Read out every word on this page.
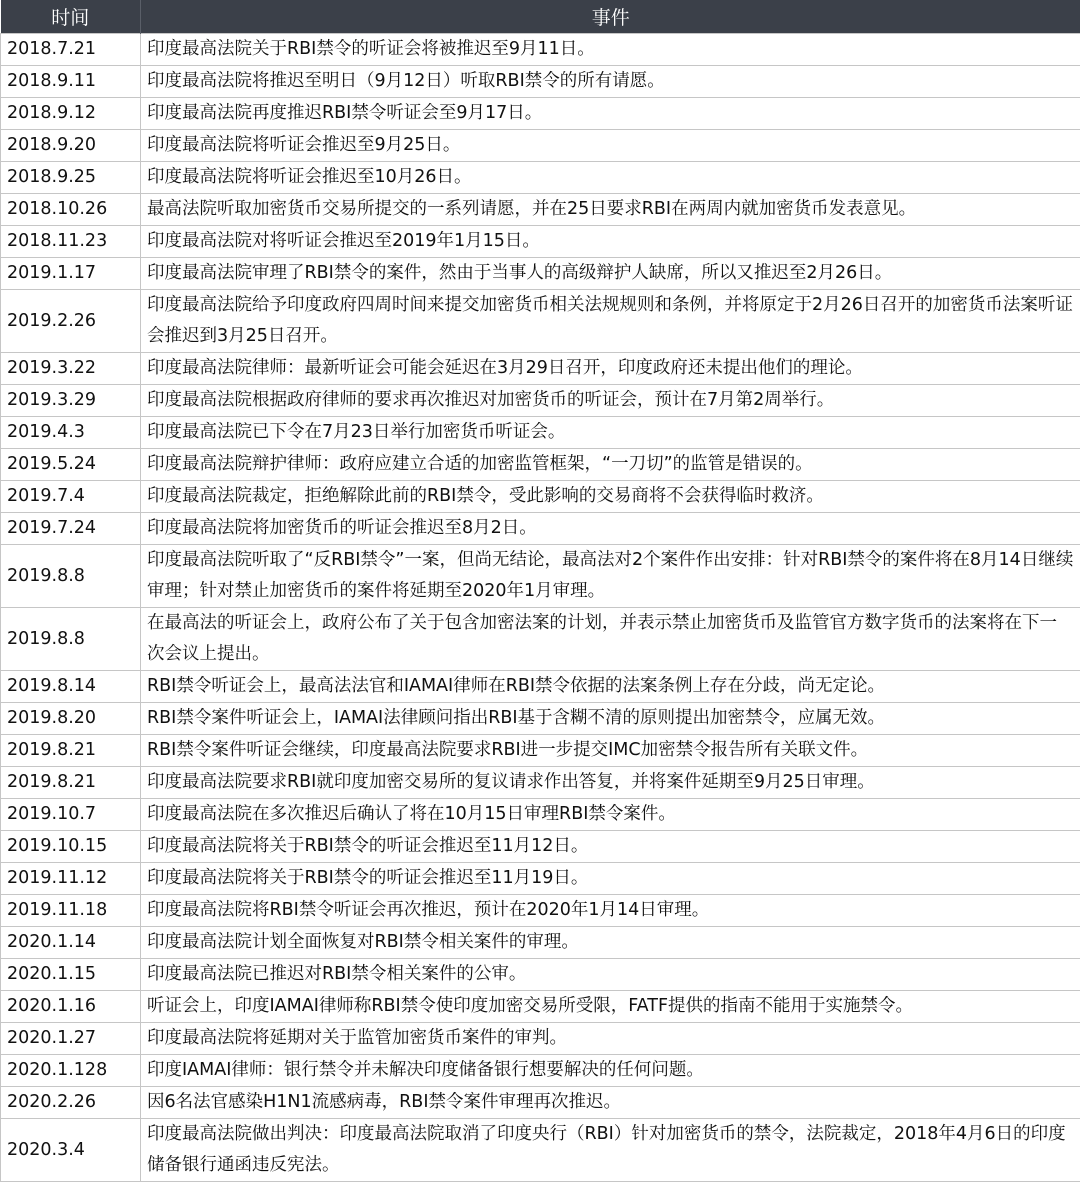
时间	事件
2018.7.21	印度最高法院关于RBI禁令的听证会将被推迟至9月11日。
2018.9.11	印度最高法院将推迟至明日（9月12日）听取RBI禁令的所有请愿。
2018.9.12	印度最高法院再度推迟RBI禁令听证会至9月17日。
2018.9.20	印度最高法院将听证会推迟至9月25日。
2018.9.25	印度最高法院将听证会推迟至10月26日。
2018.10.26	最高法院听取加密货币交易所提交的一系列请愿，并在25日要求RBI在两周内就加密货币发表意见。
2018.11.23	印度最高法院对将听证会推迟至2019年1月15日。
2019.1.17	印度最高法院审理了RBI禁令的案件，然由于当事人的高级辩护人缺席，所以又推迟至2月26日。
2019.2.26	印度最高法院给予印度政府四周时间来提交加密货币相关法规规则和条例，并将原定于2月26日召开的加密货币法案听证会推迟到3月25日召开。
2019.3.22	印度最高法院律师：最新听证会可能会延迟在3月29日召开，印度政府还未提出他们的理论。
2019.3.29	印度最高法院根据政府律师的要求再次推迟对加密货币的听证会，预计在7月第2周举行。
2019.4.3	印度最高法院已下令在7月23日举行加密货币听证会。
2019.5.24	印度最高法院辩护律师：政府应建立合适的加密监管框架，“一刀切”的监管是错误的。
2019.7.4	印度最高法院裁定，拒绝解除此前的RBI禁令，受此影响的交易商将不会获得临时救济。
2019.7.24	印度最高法院将加密货币的听证会推迟至8月2日。
2019.8.8	印度最高法院听取了“反RBI禁令”一案，但尚无结论，最高法对2个案件作出安排：针对RBI禁令的案件将在8月14日继续审理；针对禁止加密货币的案件将延期至2020年1月审理。
2019.8.8	在最高法的听证会上，政府公布了关于包含加密法案的计划，并表示禁止加密货币及监管官方数字货币的法案将在下一次会议上提出。
2019.8.14	RBI禁令听证会上，最高法法官和IAMAI律师在RBI禁令依据的法案条例上存在分歧，尚无定论。
2019.8.20	RBI禁令案件听证会上，IAMAI法律顾问指出RBI基于含糊不清的原则提出加密禁令，应属无效。
2019.8.21	RBI禁令案件听证会继续，印度最高法院要求RBI进一步提交IMC加密禁令报告所有关联文件。
2019.8.21	印度最高法院要求RBI就印度加密交易所的复议请求作出答复，并将案件延期至9月25日审理。
2019.10.7	印度最高法院在多次推迟后确认了将在10月15日审理RBI禁令案件。
2019.10.15	印度最高法院将关于RBI禁令的听证会推迟至11月12日。
2019.11.12	印度最高法院将关于RBI禁令的听证会推迟至11月19日。
2019.11.18	印度最高法院将RBI禁令听证会再次推迟，预计在2020年1月14日审理。
2020.1.14	印度最高法院计划全面恢复对RBI禁令相关案件的审理。
2020.1.15	印度最高法院已推迟对RBI禁令相关案件的公审。
2020.1.16	听证会上，印度IAMAI律师称RBI禁令使印度加密交易所受限，FATF提供的指南不能用于实施禁令。
2020.1.27	印度最高法院将延期对关于监管加密货币案件的审判。
2020.1.128	印度IAMAI律师：银行禁令并未解决印度储备银行想要解决的任何问题。
2020.2.26	因6名法官感染H1N1流感病毒，RBI禁令案件审理再次推迟。
2020.3.4	印度最高法院做出判决：印度最高法院取消了印度央行（RBI）针对加密货币的禁令，法院裁定，2018年4月6日的印度储备银行通函违反宪法。
